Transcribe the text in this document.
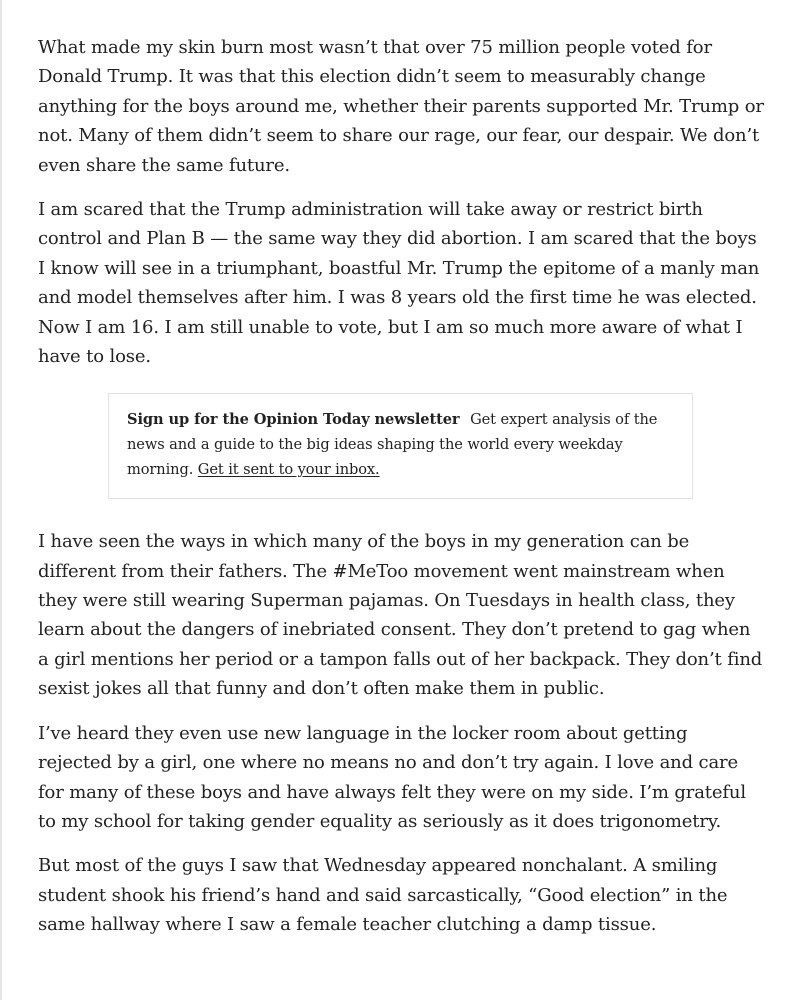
What made my skin burn most wasn’t that over 75 million people voted for Donald Trump. It was that this election didn’t seem to measurably change anything for the boys around me, whether their parents supported Mr. Trump or not. Many of them didn’t seem to share our rage, our fear, our despair. We don’t even share the same future.

I am scared that the Trump administration will take away or restrict birth control and Plan B — the same way they did abortion. I am scared that the boys I know will see in a triumphant, boastful Mr. Trump the epitome of a manly man and model themselves after him. I was 8 years old the first time he was elected. Now I am 16. I am still unable to vote, but I am so much more aware of what I have to lose.

Sign up for the Opinion Today newsletter Get expert analysis of the news and a guide to the big ideas shaping the world every weekday morning. Get it sent to your inbox.

I have seen the ways in which many of the boys in my generation can be different from their fathers. The #MeToo movement went mainstream when they were still wearing Superman pajamas. On Tuesdays in health class, they learn about the dangers of inebriated consent. They don’t pretend to gag when a girl mentions her period or a tampon falls out of her backpack. They don’t find sexist jokes all that funny and don’t often make them in public.

I’ve heard they even use new language in the locker room about getting rejected by a girl, one where no means no and don’t try again. I love and care for many of these boys and have always felt they were on my side. I’m grateful to my school for taking gender equality as seriously as it does trigonometry.

But most of the guys I saw that Wednesday appeared nonchalant. A smiling student shook his friend’s hand and said sarcastically, “Good election” in the same hallway where I saw a female teacher clutching a damp tissue.
